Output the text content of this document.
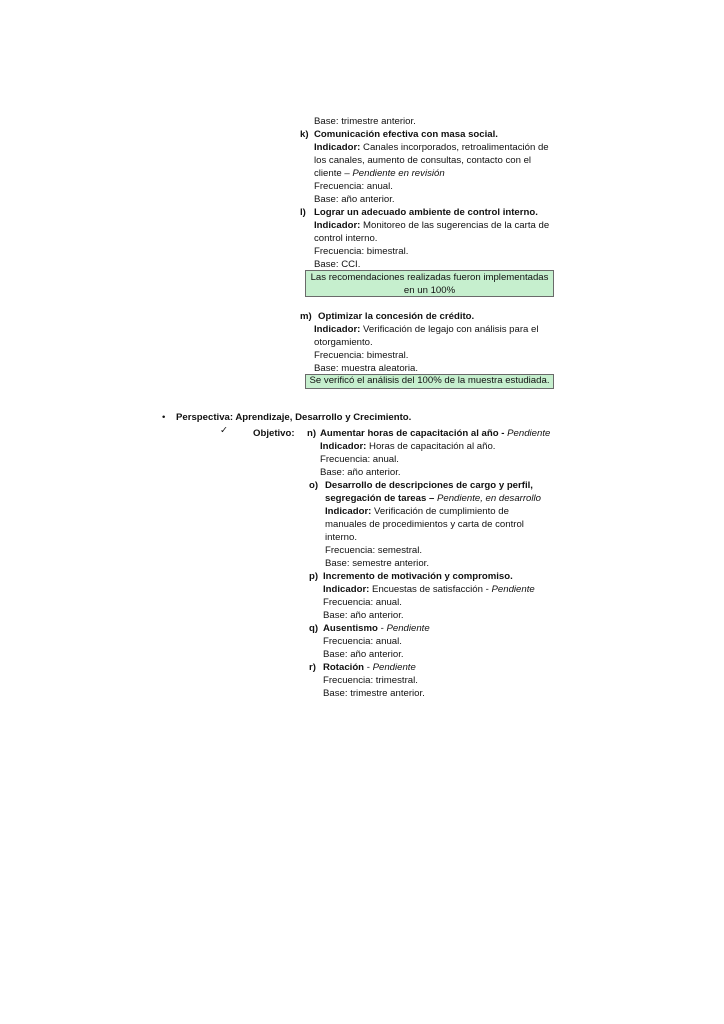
Base: trimestre anterior.
k) Comunicación efectiva con masa social.
Indicador: Canales incorporados, retroalimentación de
los canales, aumento de consultas, contacto con el
cliente – Pendiente en revisión
Frecuencia: anual.
Base: año anterior.
l) Lograr un adecuado ambiente de control interno.
Indicador: Monitoreo de las sugerencias de la carta de
control interno.
Frecuencia: bimestral.
Base: CCI.
Las recomendaciones realizadas fueron implementadas
en un 100%
m) Optimizar la concesión de crédito.
Indicador: Verificación de legajo con análisis para el
otorgamiento.
Frecuencia: bimestral.
Base: muestra aleatoria.
Se verificó el análisis del 100% de la muestra estudiada.
• Perspectiva: Aprendizaje, Desarrollo y Crecimiento.
✓	Objetivo: n) Aumentar horas de capacitación al año - Pendiente
Indicador: Horas de capacitación al año.
Frecuencia: anual.
Base: año anterior.
o) Desarrollo de descripciones de cargo y perfil,
segregación de tareas – Pendiente, en desarrollo
Indicador: Verificación de cumplimiento de
manuales de procedimientos y carta de control
interno.
Frecuencia: semestral.
Base: semestre anterior.
p) Incremento de motivación y compromiso.
Indicador: Encuestas de satisfacción - Pendiente
Frecuencia: anual.
Base: año anterior.
q) Ausentismo - Pendiente
Frecuencia: anual.
Base: año anterior.
r) Rotación - Pendiente
Frecuencia: trimestral.
Base: trimestre anterior.
